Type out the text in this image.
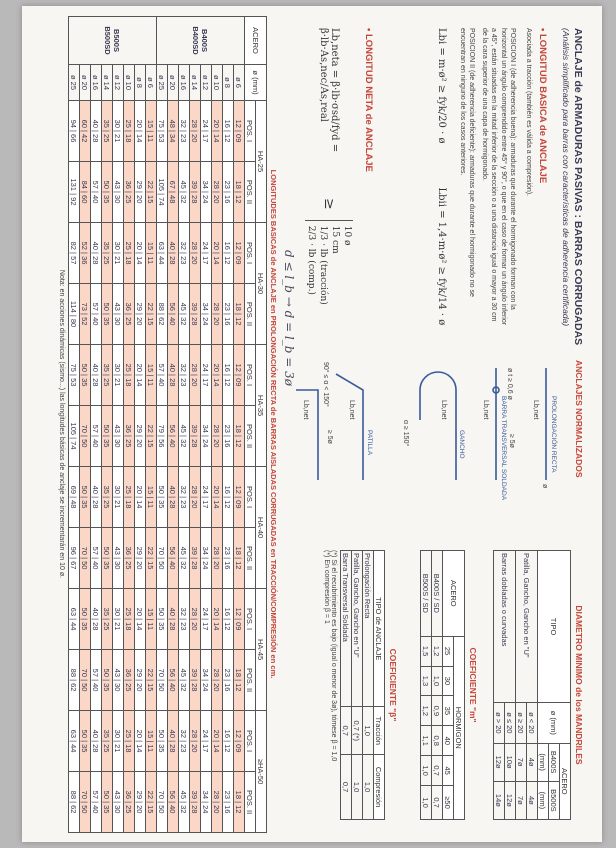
ANCLAJE de ARMADURAS PASIVAS : BARRAS CORRUGADAS
(Análisis simplificado para barras con características de adherencia certificada)
• LONGITUD BASICA de ANCLAJE
Asociada a tracción (también es válida a compresión).
POSICION I (de adherencia buena): armaduras que durante el hormigonado forman con la horizontal un ángulo comprendido entre 45° y 90°, o que en el caso de formar un ángulo inferior a 45°, están situadas en la mitad inferior de la sección o a una distancia igual o mayor a 30 cm de la cara superior de una capa de hormigonado.
POSICION II (de adherencia deficiente): armaduras que durante el hormigonado no se encuentran en ninguno de los casos anteriores.
Lbi = m·ø² ≥ fyk/20 · ø
Lbii = 1,4·m·ø² ≥ fyk/14 · ø
• LONGITUD NETA de ANCLAJE
Lb,neta = β·lb·σsd/fyd = β·lb·As,nec/As,real
≥
10 ø
15 cm
1/3 · lb (tracción)
2/3 · lb (comp.)
d ≤ l_b → d = l_b = 3ø
ANCLAJES NORMALIZADOS
PROLONGACIÓN RECTA
BARRA TRANSVERSAL SOLDADA
GANCHO
PATILLA
Lb,net
ø
ø t ≥ 0,6 ø
≥ 5ø
Lb,net
Lb,net
α ≥ 150°
Lb,net
90° ≤ α < 150°
Lb,net
≥ 5ø
DIAMETRO MINIMO de los MANDRILES
TIPO	ø (mm)	ACERO	
		B400S	B500S
		(mm)	(mm)
Patilla, Gancho, Gancho en "U"	ø < 20	4ø	4ø
	ø ≥ 20	7ø	7ø
Barras dobladas o curvadas	ø ≤ 20	10ø	12ø
	ø > 20	12ø	14ø
COEFICIENTE "m"
ACERO	HORMIGON					
	25	30	35	40	45	≥50
B400S / SD	1,2	1,0	0,9	0,8	0,7	0,7
B500S / SD	1,5	1,3	1,2	1,1	1,0	1,0
COEFICIENTE "β"
TIPO de ANCLAJE	Tracción	Compresión
Prolongación Recta	1,0	1,0
Patilla, Gancho, Gancho en "U"	0,7 (*)	1,0
Barra Transversal Soldada	0,7	0,7
(*) Si el recubrimiento es bajo (igual o menor de 3ø), tómese β = 1,0
(*) En compresión β = 1
LONGITUDES BASICAS de ANCLAJE en PROLONGACIÓN RECTA de BARRAS AISLADAS CORRUGADAS en TRACCIÓN/COMPRESIÓN en cm.
ACERO	ø (mm)	HA-25		HA-30		HA-35		HA-40		HA-45		≥HA-50	
		POS. I	POS. II	POS. I	POS. II	POS. I	POS. II	POS. I	POS. II	POS. I	POS. II	POS. I	POS. II
B400S B400SD	ø 6	12 | 09	18 | 12	12 | 09	18 | 12	12 | 09	18 | 12	12 | 09	18 | 12	12 | 09	18 | 12	12 | 09	18 | 12
	ø 8	16 | 12	23 | 16	16 | 12	23 | 16	16 | 12	23 | 16	16 | 12	23 | 16	16 | 12	23 | 16	16 | 12	23 | 16
	ø 10	20 | 14	28 | 20	20 | 14	28 | 20	20 | 14	28 | 20	20 | 14	28 | 20	20 | 14	28 | 20	20 | 14	28 | 20
	ø 12	24 | 17	34 | 24	24 | 17	34 | 24	24 | 17	34 | 24	24 | 17	34 | 24	24 | 17	34 | 24	24 | 17	34 | 24
	ø 14	28 | 20	39 | 28	28 | 20	39 | 28	28 | 20	39 | 28	28 | 20	39 | 28	28 | 20	39 | 28	28 | 20	39 | 28
	ø 16	32 | 23	45 | 32	32 | 23	45 | 32	32 | 23	45 | 32	32 | 23	45 | 32	32 | 23	45 | 32	32 | 23	45 | 32
	ø 20	48 | 34	67 | 48	40 | 28	56 | 40	40 | 28	56 | 40	40 | 28	56 | 40	40 | 28	56 | 40	40 | 28	56 | 40
	ø 25	75 | 53	105 | 74	63 | 44	88 | 62	57 | 40	79 | 56	50 | 35	70 | 50	50 | 35	70 | 50	50 | 35	70 | 50
B500S B500SD	ø 6	15 | 11	22 | 15	15 | 11	22 | 15	15 | 11	22 | 15	15 | 11	22 | 15	15 | 11	22 | 15	15 | 11	22 | 15
	ø 8	20 | 14	29 | 20	20 | 14	29 | 20	20 | 14	29 | 20	20 | 14	29 | 20	20 | 14	29 | 20	20 | 14	29 | 20
	ø 10	25 | 18	36 | 25	25 | 18	36 | 25	25 | 18	36 | 25	25 | 18	36 | 25	25 | 18	36 | 25	25 | 18	36 | 25
	ø 12	30 | 21	43 | 30	30 | 21	43 | 30	30 | 21	43 | 30	30 | 21	43 | 30	30 | 21	43 | 30	30 | 21	43 | 30
	ø 14	35 | 25	50 | 35	35 | 25	50 | 35	35 | 25	50 | 35	35 | 25	50 | 35	35 | 25	50 | 35	35 | 25	50 | 35
	ø 16	40 | 28	57 | 40	40 | 28	57 | 40	40 | 28	57 | 40	40 | 28	57 | 40	40 | 28	57 | 40	40 | 28	57 | 40
	ø 20	60 | 42	84 | 60	52 | 36	73 | 52	50 | 35	70 | 50	50 | 35	70 | 50	50 | 35	70 | 50	50 | 35	70 | 50
	ø 25	94 | 66	131 | 92	82 | 57	114 | 80	75 | 53	105 | 74	69 | 48	96 | 67	63 | 44	88 | 62	63 | 44	88 | 62
Nota: en acciones dinámicas (sismo...) las longitudes básicas de anclaje se incrementarán en 10 ø.
